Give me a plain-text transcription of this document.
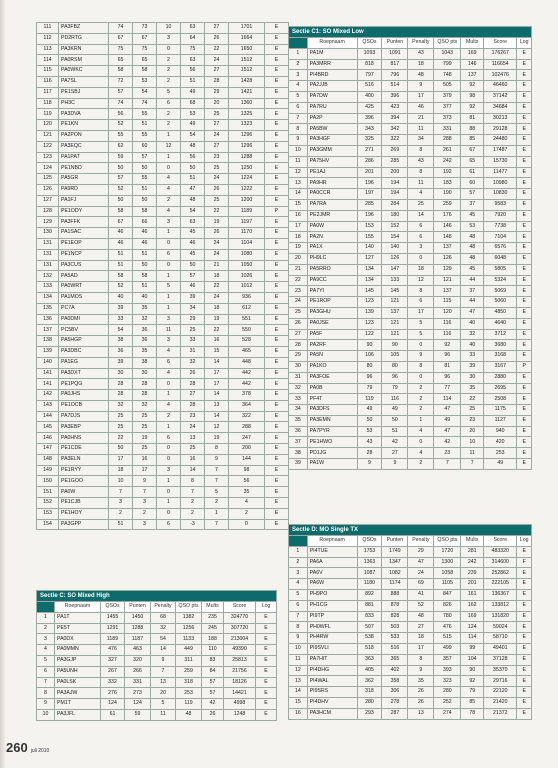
111	PA3FBZ	74	73	10	63	27	1701	E
112	PD2RTG	67	67	3	64	26	1664	E
113	PA3KRN	75	75	0	75	22	1650	E
114	PA0RSM	65	65	2	63	24	1512	E
115	PA0WKC	58	58	2	56	27	1512	E
116	PA7SL	72	53	2	51	28	1428	E
117	PE1SBJ	57	54	5	49	29	1421	E
118	PH3C	74	74	6	68	20	1360	E
119	PA3DVA	56	55	2	53	25	1325	E
120	PE1KN	52	51	2	49	27	1323	E
121	PA2PON	55	55	1	54	24	1296	E
122	PA3EQC	62	60	12	48	27	1296	E
123	PA1PAT	59	57	1	56	23	1288	E
124	PE1NBD	50	50	0	50	25	1250	E
125	PA5GR	57	55	4	51	24	1224	E
126	PA9RD	52	51	4	47	26	1222	E
127	PA1FJ	50	50	2	48	25	1200	E
128	PE1ODY	58	58	4	54	22	1189	P
129	PA3FFK	67	66	3	63	19	1197	E
130	PA1SAC	46	46	1	45	26	1170	E
131	PE1EOP	46	46	0	46	24	1104	E
131	PE1NCP	51	51	6	45	24	1080	E
131	PA3CUS	51	50	0	50	21	1050	E
132	PA5AD	58	58	1	57	18	1026	E
133	PA0WRT	52	51	5	46	22	1012	E
134	PA1MOS	40	40	1	39	24	936	E
135	PC7A	39	35	1	34	18	612	E
136	PA0DMI	33	32	3	29	19	551	E
137	PC5BV	54	36	11	25	22	550	E
138	PA5HGP	38	36	3	33	16	528	E
139	PA3DBC	36	35	4	31	15	465	E
140	PA1EG	39	38	6	32	14	448	E
141	PA3DXT	30	30	4	26	17	442	E
141	PE1PQG	28	28	0	28	17	442	E
142	PA0JHS	28	28	1	27	14	378	E
143	PE1OCB	32	32	4	28	13	364	E
144	PA7DJS	25	25	2	23	14	322	E
145	PA3EBP	25	25	1	24	12	288	E
146	PA0HNS	22	19	6	13	19	247	E
147	PE1CDE	50	25	0	25	8	200	E
148	PA3ELN	17	16	0	16	9	144	E
149	PE1RYY	18	17	3	14	7	98	E
150	PE1GOO	10	9	1	8	7	56	E
151	PA0W	7	7	0	7	5	35	E
152	PE1CJB	3	3	1	2	2	4	E
153	PE1HOY	2	2	0	2	1	2	E
154	PA3GPP	51	3	6	-3	7	0	E
Sectie C1: SO Mixed Low								
	Roepnaam	QSOs	Punten	Penalty	QSO pts	Mults	Score	Log
1	PA1M	1093	1091	43	1043	169	176267	E
2	PA3MRR	818	817	18	799	146	116654	E
3	PI4BRD	797	796	48	748	137	102476	E
4	PA2JJB	516	514	9	505	92	46460	E
5	PA7DW	400	396	17	379	98	37142	E
6	PA7RU	425	423	46	377	92	34684	E
7	PA2P	396	394	21	373	81	30213	E
8	PA5BW	343	342	11	331	88	29128	E
9	PA3HGF	325	322	34	288	85	24480	E
10	PA3GMM	271	269	8	261	67	17487	E
11	PA75HV	286	285	43	242	65	15730	E
12	PE1AJ	201	200	8	192	61	11477	E
13	PA9HR	196	194	11	183	60	10980	E
14	PA0CCR	197	194	4	190	57	10830	E
15	PA7RA	285	284	25	259	37	9583	E
16	PE2JMR	196	180	14	176	45	7920	E
17	PA0W	153	152	6	146	53	7738	E
18	PA2N	155	154	6	148	48	7104	E
19	PA1X	140	140	3	137	48	6576	E
20	PH9LC	127	126	0	126	48	6048	E
21	PA5RRO	134	147	18	129	45	5805	E
22	PA9CC	134	133	12	121	44	5324	E
23	PA7YI	145	145	8	137	37	5069	E
24	PE1ROP	123	121	6	115	44	5060	E
25	PA3GHU	139	137	17	120	47	4850	E
26	PA0JSE	123	121	5	116	40	4640	E
27	PA5F	122	121	5	116	32	3712	E
28	PA2RF	90	90	0	92	40	3680	E
29	PA5N	106	105	9	96	33	3168	E
30	PA1KO	80	80	8	81	39	3167	P
31	PA3FOE	96	96	0	96	30	2880	E
32	PA0B	79	79	2	77	35	2695	E
33	PF4T	119	116	2	114	22	2508	E
34	PA3DFS	49	49	2	47	25	1175	E
35	PA3EMN	50	50	1	49	23	1127	E
36	PA7PYR	53	51	4	47	20	940	E
37	PE1HWO	43	42	0	42	10	420	E
38	PD1JG	28	27	4	23	11	253	E
39	PA1W	9	9	2	7	7	49	E
Sectie C: SO Mixed High								
	Roepnaam	QSOs	Punten	Penalty	QSO pts	Mults	Score	Log
1	PA1T	1455	1450	68	1382	235	324770	E
2	PE5T	1291	1288	32	1256	245	307720	E
3	PA0DX	1189	1187	54	1133	188	213004	E
4	PA0MMN	476	463	14	449	110	49390	E
5	PA3GJP	327	320	9	311	83	25813	E
6	PA5UNH	267	266	7	259	84	21756	E
7	PA0LSK	332	331	13	318	57	18126	E
8	PA3AJW	276	273	20	253	57	14421	E
9	PM1T	124	124	5	119	42	4998	E
10	PA3JFL	61	59	11	48	26	1248	E
Sectie D: MO Single TX								
	Roepnaam	QSOs	Punten	Penalty	QSO pts	Mults	Score	Log
1	PI4TUE	1753	1749	29	1720	281	483320	E
2	PA6A	1363	1347	47	1300	242	314600	F
3	PA6V	1087	1082	24	1058	239	252862	E
4	PA6W	1180	1174	69	1105	201	222105	E
5	PH9PO	892	888	41	847	161	136367	E
6	PH1CG	881	878	52	826	162	133812	E
7	PI9TP	833	828	48	780	169	131820	E
8	PH0WFL	507	503	27	476	124	59024	E
9	PH4RW	538	533	18	515	114	58710	E
10	PI9SVLI	518	516	17	499	99	49401	E
11	PA7HIT	363	365	8	357	104	37128	E
12	PI4DHG	405	402	9	393	90	35370	E
13	PI4WAL	362	358	35	323	92	29716	E
14	PI9SRS	318	306	26	280	79	22120	E
15	PI4DHV	280	278	26	252	85	21420	E
16	PA3HCM	293	287	13	274	78	21372	E
260 juli 2010
